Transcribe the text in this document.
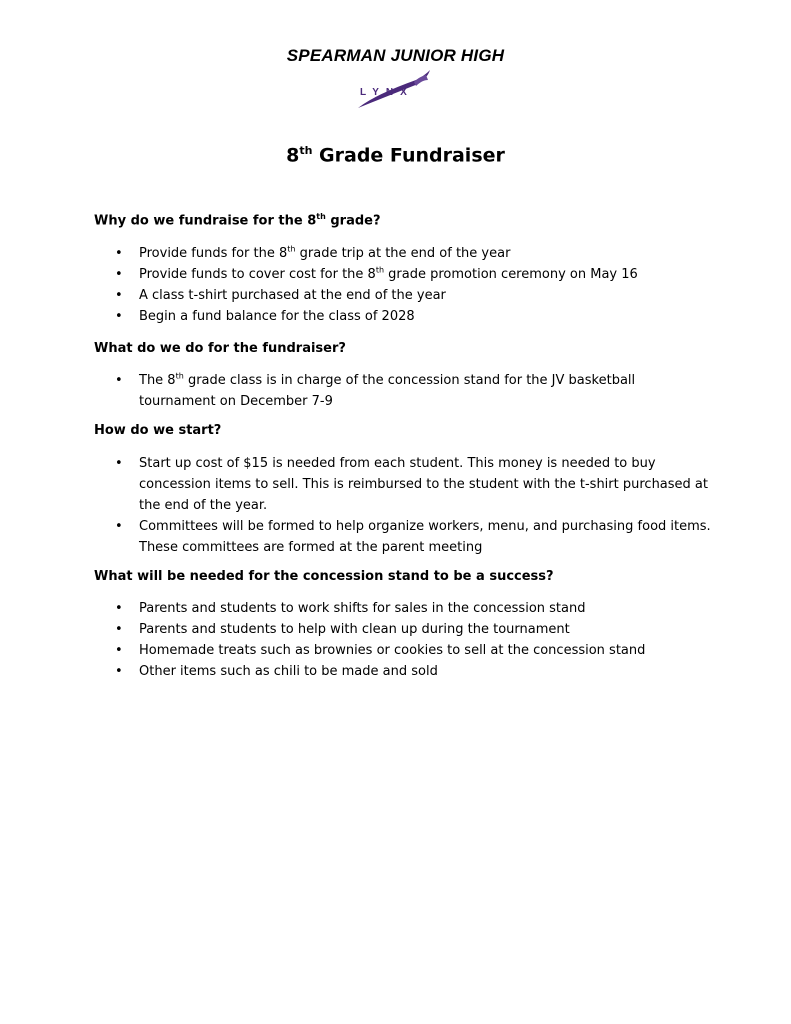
SPEARMAN JUNIOR HIGH
LYNX
8th Grade Fundraiser
Why do we fundraise for the 8th grade?
• Provide funds for the 8th grade trip at the end of the year
• Provide funds to cover cost for the 8th grade promotion ceremony on May 16
• A class t-shirt purchased at the end of the year
• Begin a fund balance for the class of 2028
What do we do for the fundraiser?
• The 8th grade class is in charge of the concession stand for the JV basketball tournament on December 7-9
How do we start?
• Start up cost of $15 is needed from each student. This money is needed to buy concession items to sell. This is reimbursed to the student with the t-shirt purchased at the end of the year.
• Committees will be formed to help organize workers, menu, and purchasing food items. These committees are formed at the parent meeting
What will be needed for the concession stand to be a success?
• Parents and students to work shifts for sales in the concession stand
• Parents and students to help with clean up during the tournament
• Homemade treats such as brownies or cookies to sell at the concession stand
• Other items such as chili to be made and sold
